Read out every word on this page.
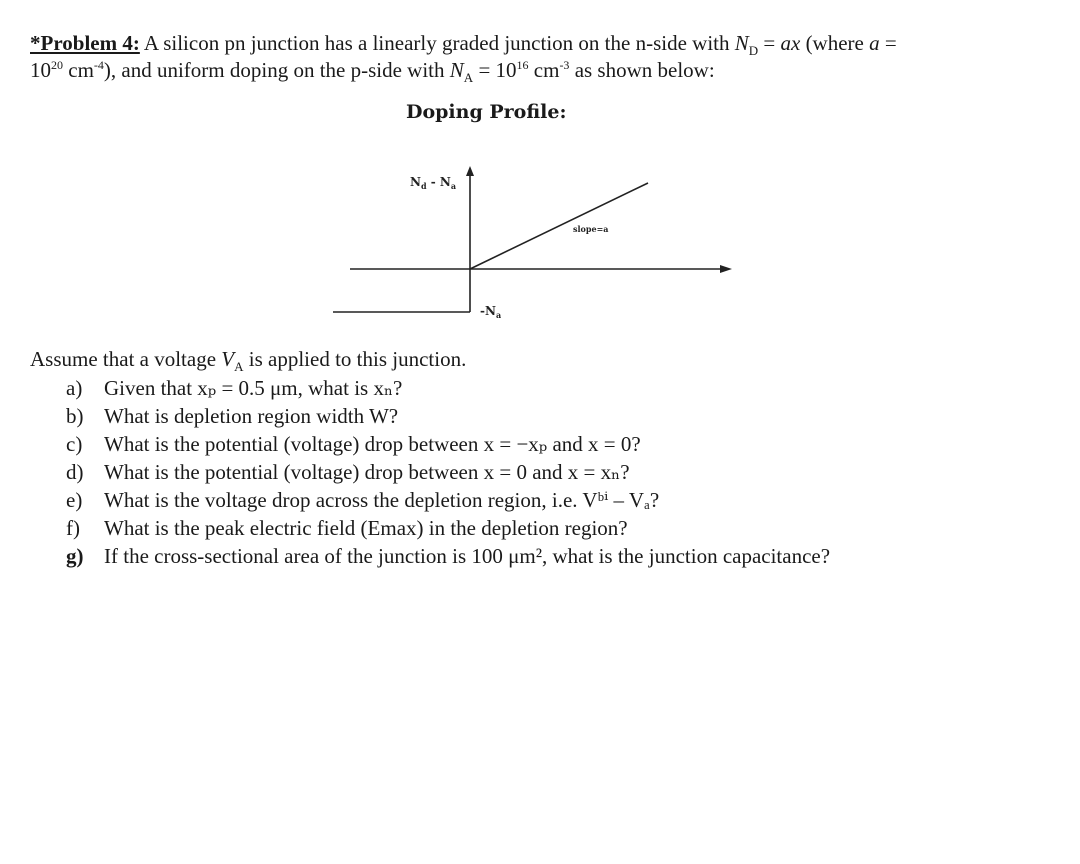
*Problem 4: A silicon pn junction has a linearly graded junction on the n-side with $N_D$ = ax (where a =
$10^{20}$ $cm^{-4}$), and uniform doping on the p-side with $N_A = 10^{16}$ $cm^{-3}$ as shown below:
Doping Profile:
$N_d - N_a$
slope=a
$-N_a$
Assume that a voltage $V_A$ is applied to this junction.
a) Given that xₚ = 0.5 μm, what is xₙ?
b) What is depletion region width W?
c) What is the potential (voltage) drop between x = −xₚ and x = 0?
d) What is the potential (voltage) drop between x = 0 and x = xₙ?
e) What is the voltage drop across the depletion region, i.e. Vᵇⁱ – Vₐ?
f) What is the peak electric field (Emax) in the depletion region?
g) If the cross-sectional area of the junction is 100 μm², what is the junction capacitance?
